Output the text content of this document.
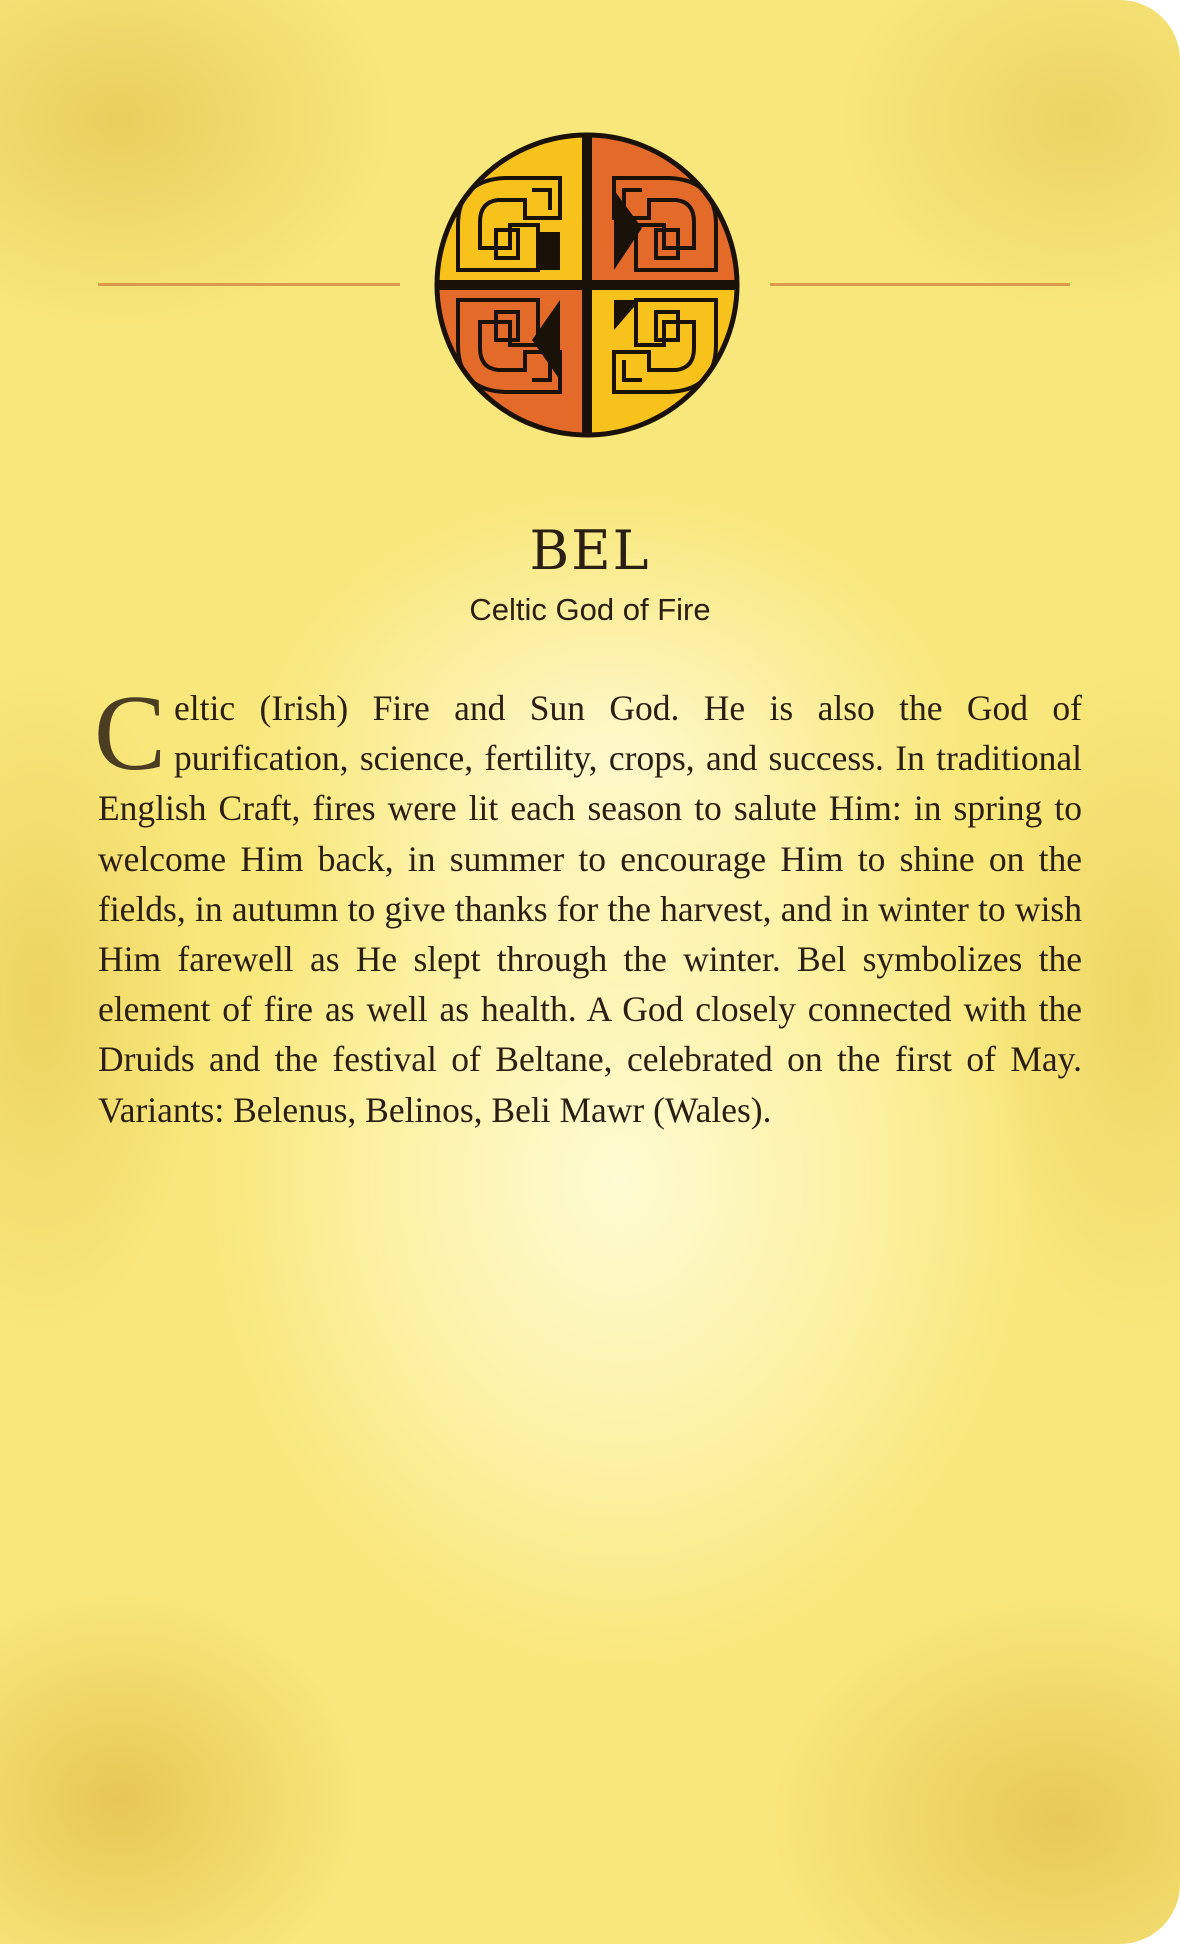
BEL
Celtic God of Fire

Celtic (Irish) Fire and Sun God. He is also the God of purification, science, fertility, crops, and success. In traditional English Craft, fires were lit each season to salute Him: in spring to welcome Him back, in summer to encourage Him to shine on the fields, in autumn to give thanks for the harvest, and in winter to wish Him farewell as He slept through the winter. Bel symbolizes the element of fire as well as health. A God closely connected with the Druids and the festival of Beltane, celebrated on the first of May. Variants: Belenus, Belinos, Beli Mawr (Wales).
